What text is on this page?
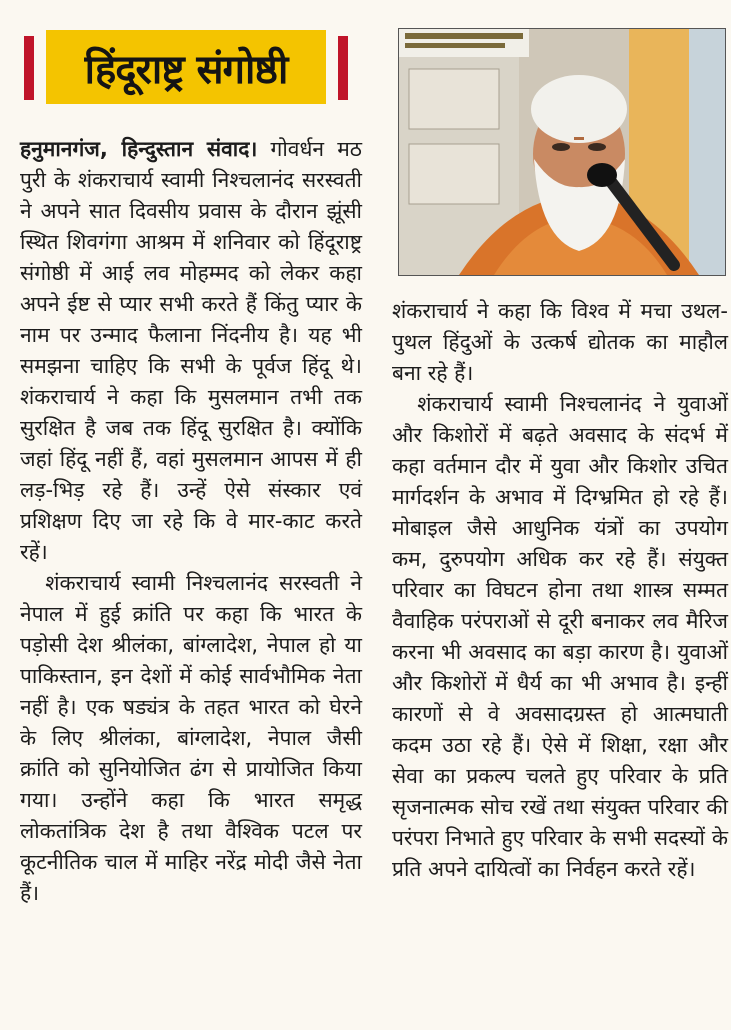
हिंदूराष्ट्र संगोष्ठी

हनुमानगंज, हिन्दुस्तान संवाद। गोवर्धन मठ पुरी के शंकराचार्य स्वामी निश्चलानंद सरस्वती ने अपने सात दिवसीय प्रवास के दौरान झूंसी स्थित शिवगंगा आश्रम में शनिवार को हिंदूराष्ट्र संगोष्ठी में आई लव मोहम्मद को लेकर कहा अपने ईष्ट से प्यार सभी करते हैं किंतु प्यार के नाम पर उन्माद फैलाना निंदनीय है। यह भी समझना चाहिए कि सभी के पूर्वज हिंदू थे। शंकराचार्य ने कहा कि मुसलमान तभी तक सुरक्षित है जब तक हिंदू सुरक्षित है। क्योंकि जहां हिंदू नहीं हैं, वहां मुसलमान आपस में ही लड़-भिड़ रहे हैं। उन्हें ऐसे संस्कार एवं प्रशिक्षण दिए जा रहे कि वे मार-काट करते रहें।

शंकराचार्य स्वामी निश्चलानंद सरस्वती ने नेपाल में हुई क्रांति पर कहा कि भारत के पड़ोसी देश श्रीलंका, बांग्लादेश, नेपाल हो या पाकिस्तान, इन देशों में कोई सार्वभौमिक नेता नहीं है। एक षड्यंत्र के तहत भारत को घेरने के लिए श्रीलंका, बांग्लादेश, नेपाल जैसी क्रांति को सुनियोजित ढंग से प्रायोजित किया गया। उन्होंने कहा कि भारत समृद्ध लोकतांत्रिक देश है तथा वैश्विक पटल पर कूटनीतिक चाल में माहिर नरेंद्र मोदी जैसे नेता हैं।

शंकराचार्य ने कहा कि विश्व में मचा उथल-पुथल हिंदुओं के उत्कर्ष द्योतक का माहौल बना रहे हैं।

शंकराचार्य स्वामी निश्चलानंद ने युवाओं और किशोरों में बढ़ते अवसाद के संदर्भ में कहा वर्तमान दौर में युवा और किशोर उचित मार्गदर्शन के अभाव में दिग्भ्रमित हो रहे हैं। मोबाइल जैसे आधुनिक यंत्रों का उपयोग कम, दुरुपयोग अधिक कर रहे हैं। संयुक्त परिवार का विघटन होना तथा शास्त्र सम्मत वैवाहिक परंपराओं से दूरी बनाकर लव मैरिज करना भी अवसाद का बड़ा कारण है। युवाओं और किशोरों में धैर्य का भी अभाव है। इन्हीं कारणों से वे अवसादग्रस्त हो आत्मघाती कदम उठा रहे हैं। ऐसे में शिक्षा, रक्षा और सेवा का प्रकल्प चलते हुए परिवार के प्रति सृजनात्मक सोच रखें तथा संयुक्त परिवार की परंपरा निभाते हुए परिवार के सभी सदस्यों के प्रति अपने दायित्वों का निर्वहन करते रहें।
